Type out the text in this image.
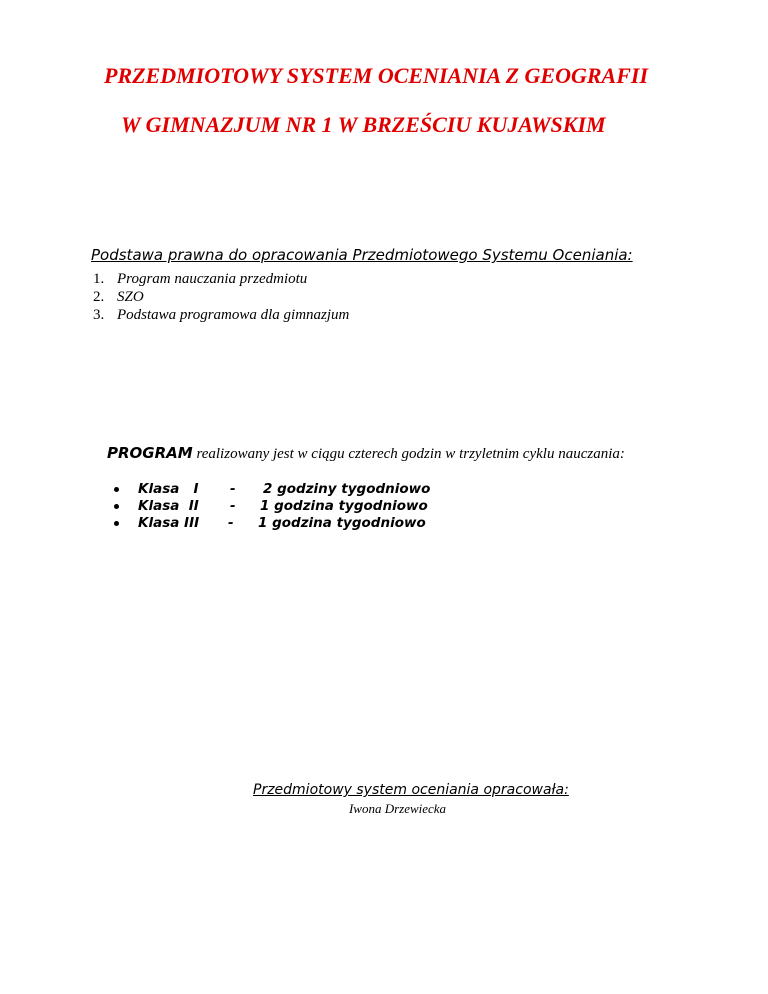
PRZEDMIOTOWY SYSTEM OCENIANIA Z GEOGRAFII
W GIMNAZJUM NR 1 W BRZEŚCIU KUJAWSKIM
Podstawa prawna do opracowania Przedmiotowego Systemu Oceniania:
1. Program nauczania przedmiotu
2. SZO
3. Podstawa programowa dla gimnazjum
PROGRAM realizowany jest w ciągu czterech godzin w trzyletnim cyklu nauczania:
Klasa   I - 2 godziny tygodniowo
Klasa  II - 1 godzina tygodniowo
Klasa III - 1 godzina tygodniowo
Przedmiotowy system oceniania opracowała:
Iwona Drzewiecka
